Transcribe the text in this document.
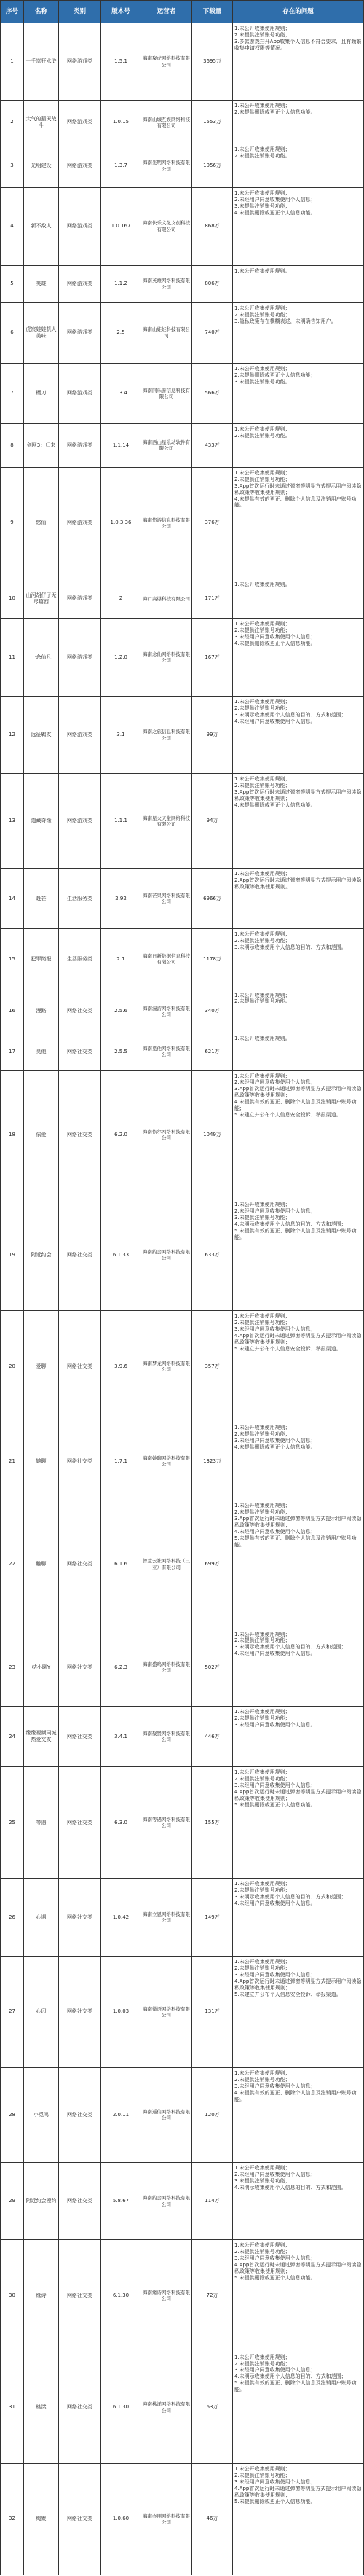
序号	名称	类别	版本号	运营者	下载量	存在的问题
1	一千岚狂水浒	网络游戏类	1.5.1	海南聚虎网络科技有限公司	3695万	1.未公开收集使用规则；
2.未提供注销账号功能；
3.多款游戏扫开App收集个人信息不符合要求，且有频繁收集申请权限等情况。
2	大气的猜天战斗	网络游戏类	1.0.15	海南山城互娱网络科技有限公司	1553万	1.未公开收集使用规则；
2.未提供删除或更正个人信息功能。
3	光明建设	网络游戏类	1.3.7	海南光明网络科技有限公司	1056万	1.未公开收集使用规则；
2.未提供注销账号功能。
4	新不敌人	网络游戏类	1.0.167	海南快乐文化文创科技有限公司	868万	1.未公开收集使用规则；
2.未经用户同意收集使用个人信息；
3.未提供注销账号功能；
4.未提供删除或更正个人信息功能。
5	英雄	网络游戏类	1.1.2	海南英雄网络科技有限公司	806万	1.未公开收集使用规则。
6	虎宸娃娃机人美味	网络游戏类	2.5	海南山娃娃科技有限公司	740万	1.未公开收集使用规则；
2.未提供注销账号功能；
3.隐私政策存在模糊表述，未明确告知用户。
7	樱刀	网络游戏类	1.3.4	海南同乐游信息科技有限公司	566万	1.未公开收集使用规则；
2.未提供删除或更正个人信息功能；
3.未提供注销账号功能。
8	剑网3：归来	网络游戏类	1.1.14	海南西山星乐动软件有限公司	433万	1.未公开收集使用规则；
2.未提供注销账号功能。
9	悠仙	网络游戏类	1.0.3.36	海南悠游信息科技有限公司	376万	1.未公开收集使用规则；
2.未提供注销账号功能；
3.App首次运行时未通过弹窗等明显方式提示用户阅读隐私政策等收集使用规则；
4.未提供有效的更正、删除个人信息及注销用户账号功能。
10	山河胡仔子无尽篇西	网络游戏类	2	海口高爆科技有限公司	171万	1.未公开收集使用规则。
11	一念仙凡	网络游戏类	1.2.0	海南念仙网络科技有限公司	167万	1.未公开收集使用规则；
2.未提供注销账号功能；
3.未经用户同意收集使用个人信息；
4.未提供删除或更正个人信息功能。
12	远征羁友	网络游戏类	3.1	海南之旅信息科技有限公司	99万	1.未公开收集使用规则；
2.未提供注销账号功能；
3.未明示收集使用个人信息的目的、方式和范围；
4.未经用户同意收集使用个人信息。
13	道藏奇缘	网络游戏类	1.1.1	海南星火天堂网络科技有限公司	94万	1.未公开收集使用规则；
2.未提供注销账号功能；
3.App首次运行时未通过弹窗等明显方式提示用户阅读隐私政策等收集使用规则；
4.未提供删除或更正个人信息功能。
14	赶芒	生活服务类	2.92	海南芒果网络科技有限公司	6966万	1.未公开收集使用规则；
2.App首次运行时未通过弹窗等明显方式提示用户阅读隐私政策等收集使用规则。
15	犯罪简报	生活服务类	2.1	海南日新数据信息科技有限公司	1178万	1.未公开收集使用规则；
2.未提供注销账号功能；
3.未明示收集使用个人信息的目的、方式和范围。
16	漫路	网络社交类	2.5.6	海南漫游网络科技有限公司	340万	1.未公开收集使用规则；
2.未提供注销账号功能。
17	觅他	网络社交类	2.5.5	海南觅他网络科技有限公司	621万	1.未公开收集使用规则。
18	依爱	网络社交类	6.2.0	海南依尔网络科技有限公司	1049万	1.未公开收集使用规则；
2.未经用户同意收集使用个人信息；
3.App首次运行时未通过弹窗等明显方式提示用户阅读隐私政策等收集使用规则；
4.未提供有效的更正、删除个人信息及注销用户账号功能；
5.未建立并公布个人信息安全投诉、举报渠道。
19	附近约会	网络社交类	6.1.33	海南约会网络科技有限公司	633万	1.未公开收集使用规则；
2.未经用户同意收集使用个人信息；
3.未提供注销账号功能；
4.未明示收集使用个人信息的目的、方式和范围；
5.未提供有效的更正、删除个人信息及注销用户账号功能。
20	爱聊	网络社交类	3.9.6	海南梦龙网络科技有限公司	357万	1.未公开收集使用规则；
2.未提供注销账号功能；
3.未经用户同意收集使用个人信息；
4.App首次运行时未通过弹窗等明显方式提示用户阅读隐私政策等收集使用规则；
5.未建立并公布个人信息安全投诉、举报渠道。
21	她聊	网络社交类	1.7.1	海南她聊网络科技有限公司	1323万	1.未公开收集使用规则；
2.未提供注销账号功能；
3.未经用户同意收集使用个人信息；
4.未提供删除或更正个人信息功能。
22	触聊	网络社交类	6.1.6	智慧云社网络科技（三亚）有限公司	699万	1.未公开收集使用规则；
2.未提供注销账号功能；
3.App首次运行时未通过弹窗等明显方式提示用户阅读隐私政策等收集使用规则；
4.未经用户同意收集使用个人信息；
5.未提供有效的更正、删除个人信息及注销用户账号功能。
23	结小聊Y	网络社交类	6.2.3	海南盛鸣网络科技有限公司	502万	1.未公开收集使用规则；
2.未提供注销账号功能；
3.未明示收集使用个人信息的目的、方式和范围；
4.未经用户同意收集使用个人信息。
24	缘缘视频同城热爱交友	网络社交类	3.4.1	海南聚贤网络科技有限公司	446万	1.未公开收集使用规则；
2.未提供注销账号功能；
3.未经用户同意收集使用个人信息。
25	等遇	网络社交类	6.3.0	海南等遇网络科技有限公司	155万	1.未公开收集使用规则；
2.未提供注销账号功能；
3.未经用户同意收集使用个人信息；
4.App首次运行时未通过弹窗等明显方式提示用户阅读隐私政策等收集使用规则；
5.未提供删除或更正个人信息功能。
26	心遇	网络社交类	1.0.42	海南立恩网络科技有限公司	149万	1.未公开收集使用规则；
2.未提供注销账号功能；
3.未明示收集使用个人信息的目的、方式和范围；
4.未经用户同意收集使用个人信息。
27	心印	网络社交类	1.0.03	海南微语网络科技有限公司	131万	1.未公开收集使用规则；
2.未提供注销账号功能；
3.未经用户同意收集使用个人信息；
4.App首次运行时未通过弹窗等明显方式提示用户阅读隐私政策等收集使用规则；
5.未建立并公布个人信息安全投诉、举报渠道。
28	小觅鸣	网络社交类	2.0.11	海南遥信网络科技有限公司	120万	1.未公开收集使用规则；
2.未提供注销账号功能；
3.未经用户同意收集使用个人信息；
4.未提供有效的更正、删除个人信息及注销用户账号功能。
29	附近约会搜约	网络社交类	5.8.67	海南约会网络科技有限公司	114万	1.未公开收集使用规则；
2.未经用户同意收集使用个人信息；
3.未提供注销账号功能；
4.未明示收集使用个人信息的目的、方式和范围。
30	缘诗	网络社交类	6.1.30	海南缘诗网络科技有限公司	72万	1.未公开收集使用规则；
2.未提供注销账号功能；
3.未经用户同意收集使用个人信息；
4.App首次运行时未通过弹窗等明显方式提示用户阅读隐私政策等收集使用规则；
5.未提供删除或更正个人信息功能。
31	桃漾	网络社交类	6.1.30	海南桃漾网络科技有限公司	63万	1.未公开收集使用规则；
2.未提供注销账号功能；
3.未经用户同意收集使用个人信息；
4.未明示收集使用个人信息的目的、方式和范围；
5.未提供有效的更正、删除个人信息及注销用户账号功能。
32	绳聚	网络社交类	1.0.60	海南亦朋网络科技有限公司	46万	1.未公开收集使用规则；
2.未提供注销账号功能；
3.未经用户同意收集使用个人信息；
4.App首次运行时未通过弹窗等明显方式提示用户阅读隐私政策等收集使用规则；
5.未提供删除或更正个人信息功能。
